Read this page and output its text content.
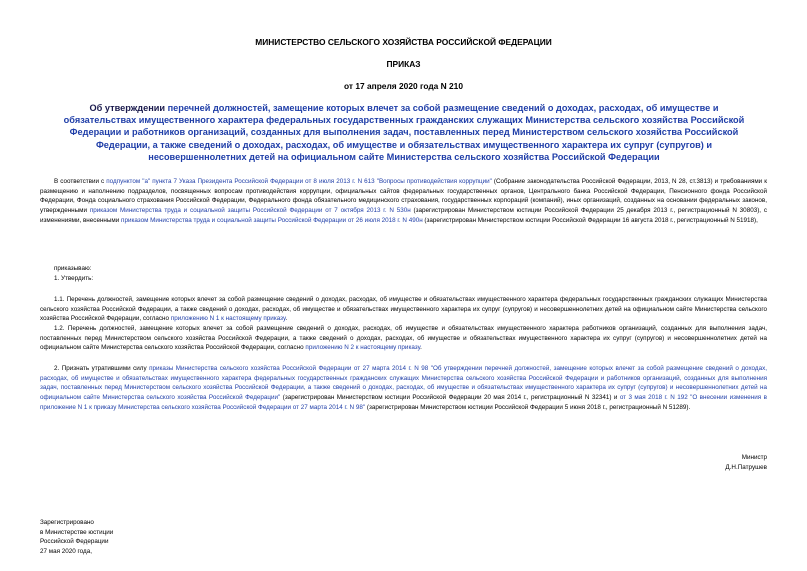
МИНИСТЕРСТВО СЕЛЬСКОГО ХОЗЯЙСТВА РОССИЙСКОЙ ФЕДЕРАЦИИ
ПРИКАЗ
от 17 апреля 2020 года N 210
Об утверждении перечней должностей, замещение которых влечет за собой размещение сведений о доходах, расходах, об имуществе и обязательствах имущественного характера федеральных государственных гражданских служащих Министерства сельского хозяйства Российской Федерации и работников организаций, созданных для выполнения задач, поставленных перед Министерством сельского хозяйства Российской Федерации, а также сведений о доходах, расходах, об имуществе и обязательствах имущественного характера их супруг (супругов) и несовершеннолетних детей на официальном сайте Министерства сельского хозяйства Российской Федерации
В соответствии с подпунктом "а" пункта 7 Указа Президента Российской Федерации от 8 июля 2013 г. N 613 "Вопросы противодействия коррупции" (Собрание законодательства Российской Федерации, 2013, N 28, ст.3813) и требованиями к размещению и наполнению подразделов, посвященных вопросам противодействия коррупции, официальных сайтов федеральных государственных органов, Центрального банка Российской Федерации, Пенсионного фонда Российской Федерации, Фонда социального страхования Российской Федерации, Федерального фонда обязательного медицинского страхования, государственных корпораций (компаний), иных организаций, созданных на основании федеральных законов, утвержденными приказом Министерства труда и социальной защиты Российской Федерации от 7 октября 2013 г. N 530н (зарегистрирован Министерством юстиции Российской Федерации 25 декабря 2013 г., регистрационный N 30803), с изменениями, внесенными приказом Министерства труда и социальной защиты Российской Федерации от 26 июля 2018 г. N 490н (зарегистрирован Министерством юстиции Российской Федерации 16 августа 2018 г., регистрационный N 51918),
приказываю:
1. Утвердить:
1.1. Перечень должностей, замещение которых влечет за собой размещение сведений о доходах, расходах, об имуществе и обязательствах имущественного характера федеральных государственных гражданских служащих Министерства сельского хозяйства Российской Федерации, а также сведений о доходах, расходах, об имуществе и обязательствах имущественного характера их супруг (супругов) и несовершеннолетних детей на официальном сайте Министерства сельского хозяйства Российской Федерации, согласно приложению N 1 к настоящему приказу.
1.2. Перечень должностей, замещение которых влечет за собой размещение сведений о доходах, расходах, об имуществе и обязательствах имущественного характера работников организаций, созданных для выполнения задач, поставленных перед Министерством сельского хозяйства Российской Федерации, а также сведений о доходах, расходах, об имуществе и обязательствах имущественного характера их супруг (супругов) и несовершеннолетних детей на официальном сайте Министерства сельского хозяйства Российской Федерации, согласно приложению N 2 к настоящему приказу.
2. Признать утратившими силу приказы Министерства сельского хозяйства Российской Федерации от 27 марта 2014 г. N 98 "Об утверждении перечней должностей, замещение которых влечет за собой размещение сведений о доходах, расходах, об имуществе и обязательствах имущественного характера федеральных государственных гражданских служащих Министерства сельского хозяйства Российской Федерации и работников организаций, созданных для выполнения задач, поставленных перед Министерством сельского хозяйства Российской Федерации, а также сведений о доходах, расходах, об имуществе и обязательствах имущественного характера их супруг (супругов) и несовершеннолетних детей на официальном сайте Министерства сельского хозяйства Российской Федерации" (зарегистрирован Министерством юстиции Российской Федерации 20 мая 2014 г., регистрационный N 32341) и от 3 мая 2018 г. N 192 "О внесении изменения в приложение N 1 к приказу Министерства сельского хозяйства Российской Федерации от 27 марта 2014 г. N 98" (зарегистрирован Министерством юстиции Российской Федерации 5 июня 2018 г., регистрационный N 51289).
Министр
Д.Н.Патрушев
Зарегистрировано
в Министерстве юстиции
Российской Федерации
27 мая 2020 года,
